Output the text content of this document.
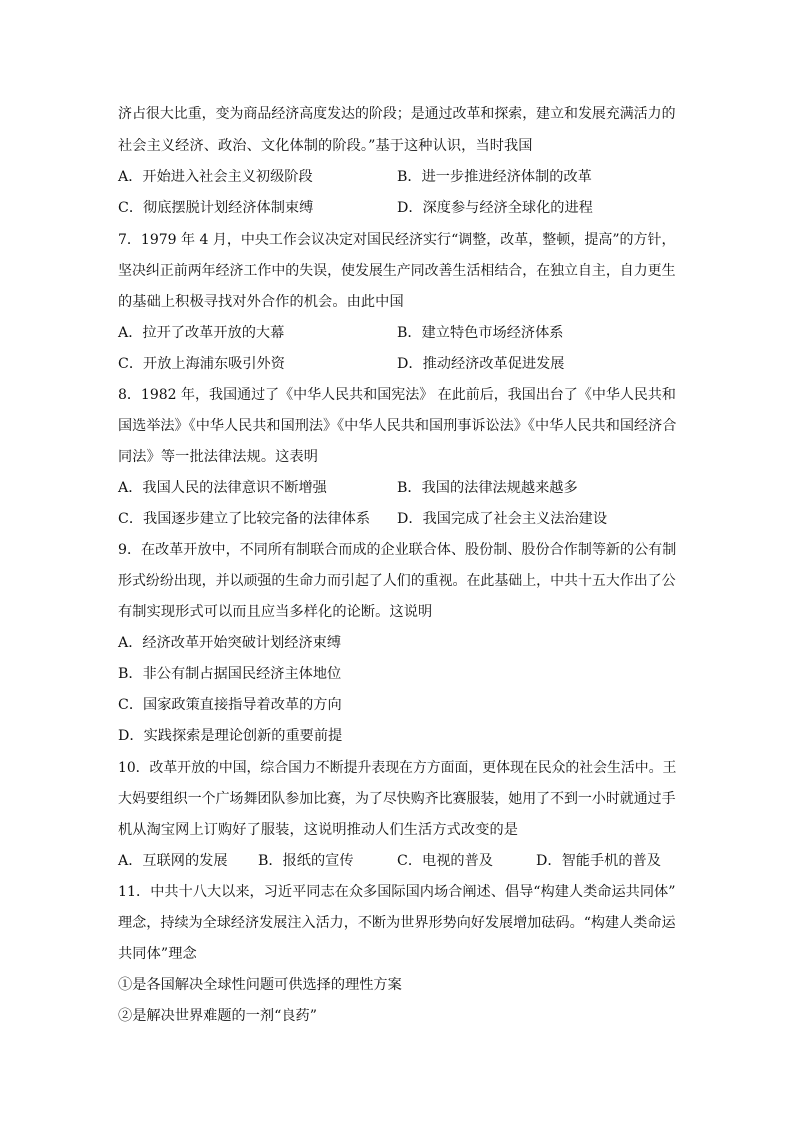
济占很大比重，变为商品经济高度发达的阶段；是通过改革和探索，建立和发展充满活力的
社会主义经济、政治、文化体制的阶段。”基于这种认识，当时我国
A．开始进入社会主义初级阶段	B．进一步推进经济体制的改革
C．彻底摆脱计划经济体制束缚	D．深度参与经济全球化的进程
7．1979 年 4 月，中央工作会议决定对国民经济实行“调整，改革，整顿，提高”的方针，
坚决纠正前两年经济工作中的失误，使发展生产同改善生活相结合，在独立自主，自力更生
的基础上积极寻找对外合作的机会。由此中国
A．拉开了改革开放的大幕	B．建立特色市场经济体系
C．开放上海浦东吸引外资	D．推动经济改革促进发展
8．1982 年，我国通过了《中华人民共和国宪法》 在此前后，我国出台了《中华人民共和
国选举法》《中华人民共和国刑法》《中华人民共和国刑事诉讼法》《中华人民共和国经济合
同法》等一批法律法规。这表明
A．我国人民的法律意识不断增强	B．我国的法律法规越来越多
C．我国逐步建立了比较完备的法律体系 D．我国完成了社会主义法治建设
9．在改革开放中，不同所有制联合而成的企业联合体、股份制、股份合作制等新的公有制
形式纷纷出现，并以顽强的生命力而引起了人们的重视。在此基础上，中共十五大作出了公
有制实现形式可以而且应当多样化的论断。这说明
A．经济改革开始突破计划经济束缚
B．非公有制占据国民经济主体地位
C．国家政策直接指导着改革的方向
D．实践探索是理论创新的重要前提
10．改革开放的中国，综合国力不断提升表现在方方面面，更体现在民众的社会生活中。王
大妈要组织一个广场舞团队参加比赛，为了尽快购齐比赛服装，她用了不到一小时就通过手
机从淘宝网上订购好了服装，这说明推动人们生活方式改变的是
A．互联网的发展 B．报纸的宣传	C．电视的普及	D．智能手机的普及
11．中共十八大以来，习近平同志在众多国际国内场合阐述、倡导“构建人类命运共同体”
理念，持续为全球经济发展注入活力，不断为世界形势向好发展增加砝码。“构建人类命运
共同体”理念
①是各国解决全球性问题可供选择的理性方案
②是解决世界难题的一剂“良药”
